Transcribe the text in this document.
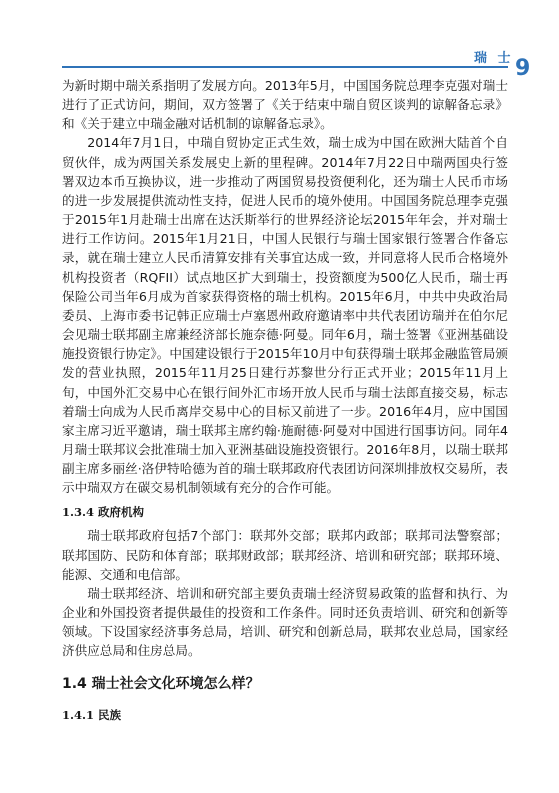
瑞 士 9

为新时期中瑞关系指明了发展方向。2013年5月，中国国务院总理李克强对瑞士进行了正式访问，期间，双方签署了《关于结束中瑞自贸区谈判的谅解备忘录》和《关于建立中瑞金融对话机制的谅解备忘录》。

2014年7月1日，中瑞自贸协定正式生效，瑞士成为中国在欧洲大陆首个自贸伙伴，成为两国关系发展史上新的里程碑。2014年7月22日中瑞两国央行签署双边本币互换协议，进一步推动了两国贸易投资便利化，还为瑞士人民币市场的进一步发展提供流动性支持，促进人民币的境外使用。中国国务院总理李克强于2015年1月赴瑞士出席在达沃斯举行的世界经济论坛2015年年会，并对瑞士进行工作访问。2015年1月21日，中国人民银行与瑞士国家银行签署合作备忘录，就在瑞士建立人民币清算安排有关事宜达成一致，并同意将人民币合格境外机构投资者（RQFII）试点地区扩大到瑞士，投资额度为500亿人民币，瑞士再保险公司当年6月成为首家获得资格的瑞士机构。2015年6月，中共中央政治局委员、上海市委书记韩正应瑞士卢塞恩州政府邀请率中共代表团访瑞并在伯尔尼会见瑞士联邦副主席兼经济部长施奈德·阿曼。同年6月，瑞士签署《亚洲基础设施投资银行协定》。中国建设银行于2015年10月中旬获得瑞士联邦金融监管局颁发的营业执照，2015年11月25日建行苏黎世分行正式开业；2015年11月上旬，中国外汇交易中心在银行间外汇市场开放人民币与瑞士法郎直接交易，标志着瑞士向成为人民币离岸交易中心的目标又前进了一步。2016年4月，应中国国家主席习近平邀请，瑞士联邦主席约翰·施耐德·阿曼对中国进行国事访问。同年4月瑞士联邦议会批准瑞士加入亚洲基础设施投资银行。2016年8月，以瑞士联邦副主席多丽丝·洛伊特哈德为首的瑞士联邦政府代表团访问深圳排放权交易所，表示中瑞双方在碳交易机制领域有充分的合作可能。

1.3.4 政府机构

瑞士联邦政府包括7个部门：联邦外交部；联邦内政部；联邦司法警察部；联邦国防、民防和体育部；联邦财政部；联邦经济、培训和研究部；联邦环境、能源、交通和电信部。

瑞士联邦经济、培训和研究部主要负责瑞士经济贸易政策的监督和执行、为企业和外国投资者提供最佳的投资和工作条件。同时还负责培训、研究和创新等领域。下设国家经济事务总局，培训、研究和创新总局，联邦农业总局，国家经济供应总局和住房总局。

1.4 瑞士社会文化环境怎么样？
1.4.1 民族
